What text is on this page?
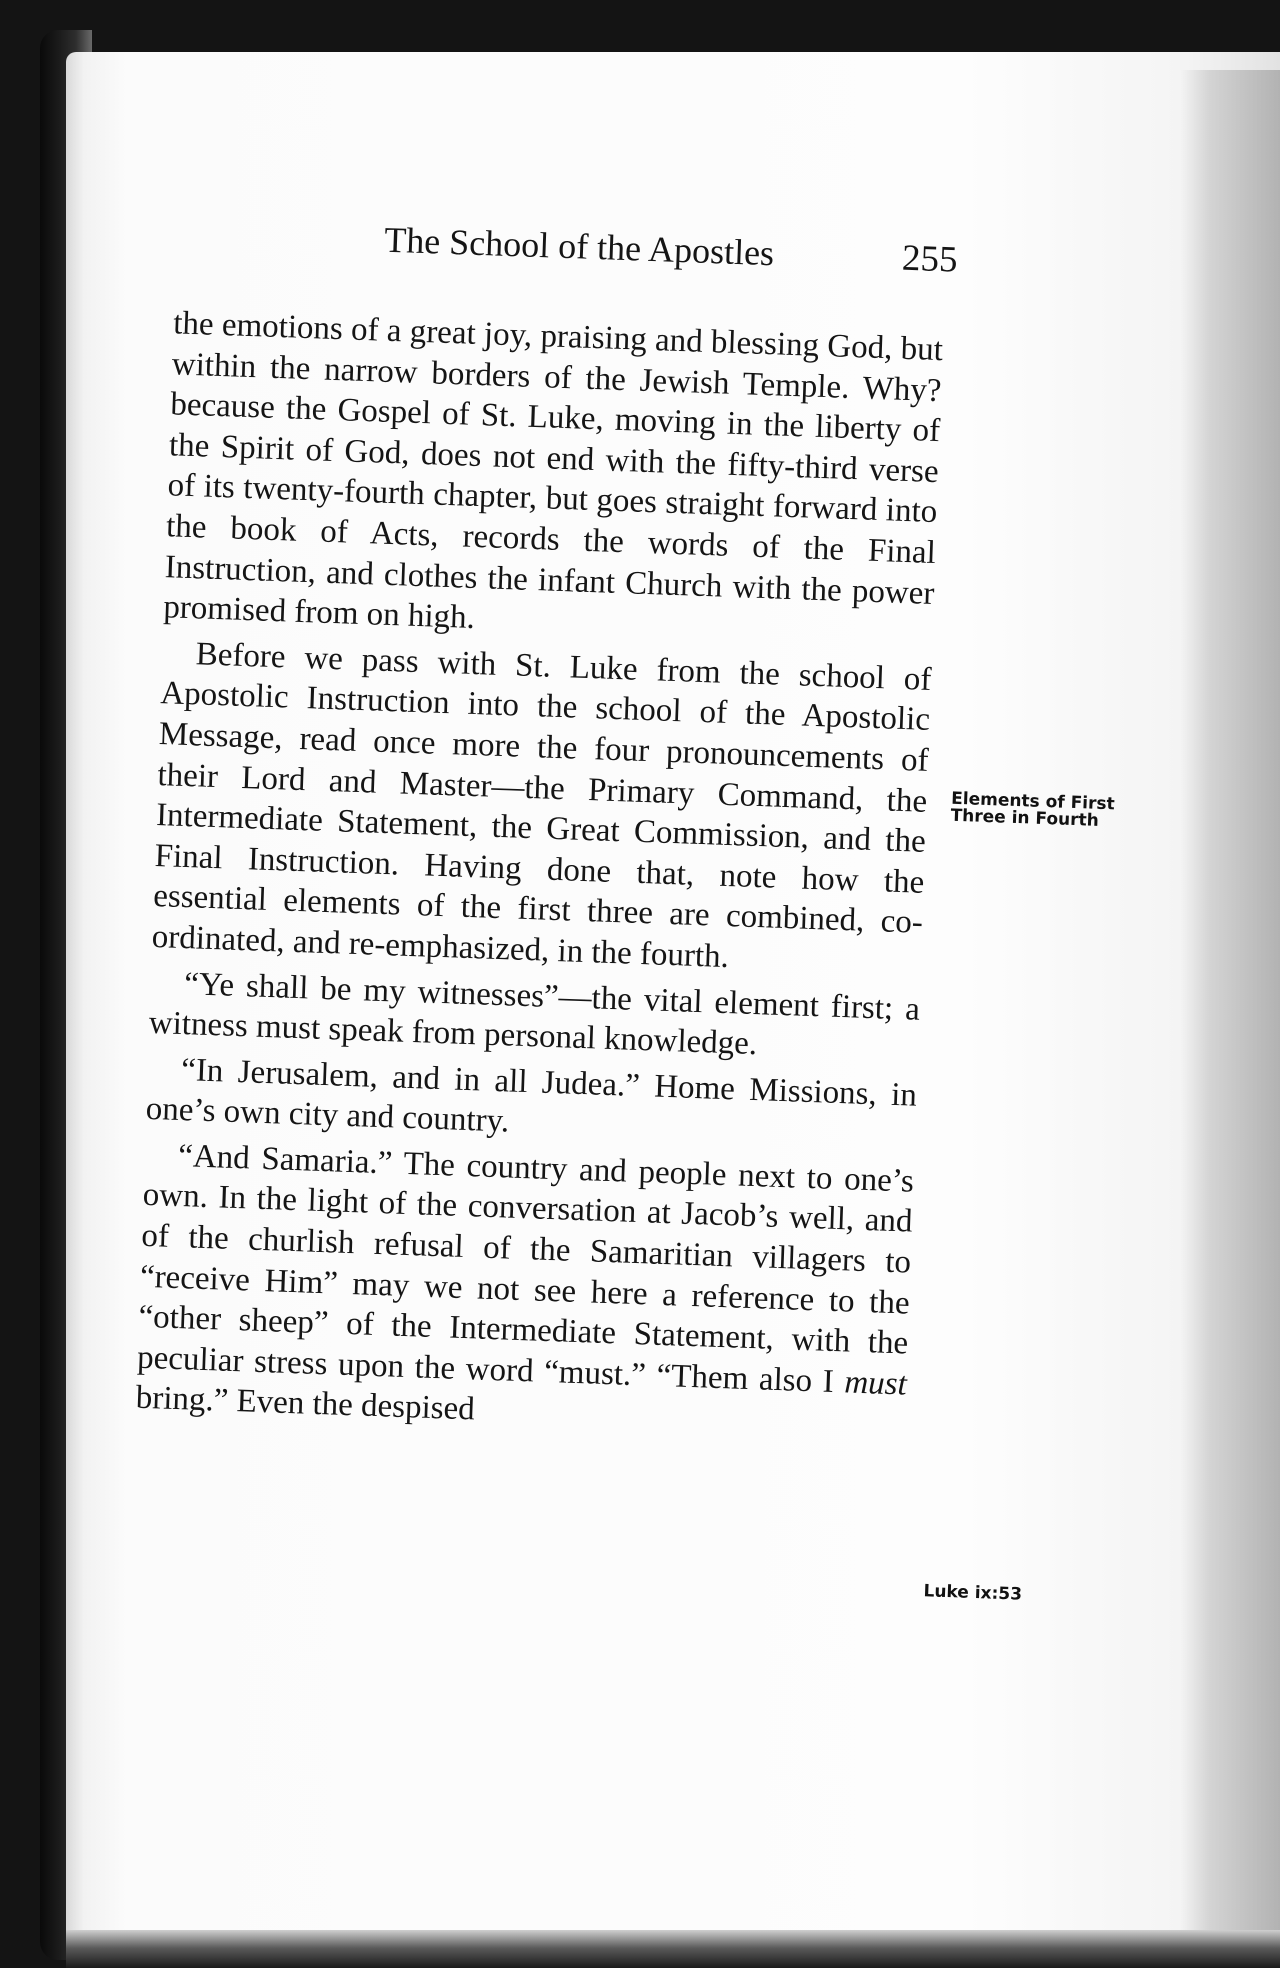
The School of the Apostles	255

the emotions of a great joy, praising and blessing God, but within the narrow borders of the Jewish Temple. Why? because the Gospel of St. Luke, moving in the liberty of the Spirit of God, does not end with the fifty-third verse of its twenty-fourth chapter, but goes straight forward into the book of Acts, records the words of the Final Instruction, and clothes the infant Church with the power promised from on high.

Before we pass with St. Luke from the school of Apostolic Instruction into the school of the Apostolic Message, read once more the four pronouncements of their Lord and Master—the Primary Command, the Intermediate Statement, the Great Commission, and the Final Instruction. Having done that, note how the essential elements of the first three are combined, co-ordinated, and re-emphasized, in the fourth.

“Ye shall be my witnesses”—the vital element first; a witness must speak from personal knowledge.

“In Jerusalem, and in all Judea.” Home Missions, in one’s own city and country.

“And Samaria.” The country and people next to one’s own. In the light of the conversation at Jacob’s well, and of the churlish refusal of the Samaritian villagers to “receive Him” may we not see here a reference to the “other sheep” of the Intermediate Statement, with the peculiar stress upon the word “must.” “Them also I must bring.” Even the despised

Elements of First Three in Fourth
Luke ix:53
